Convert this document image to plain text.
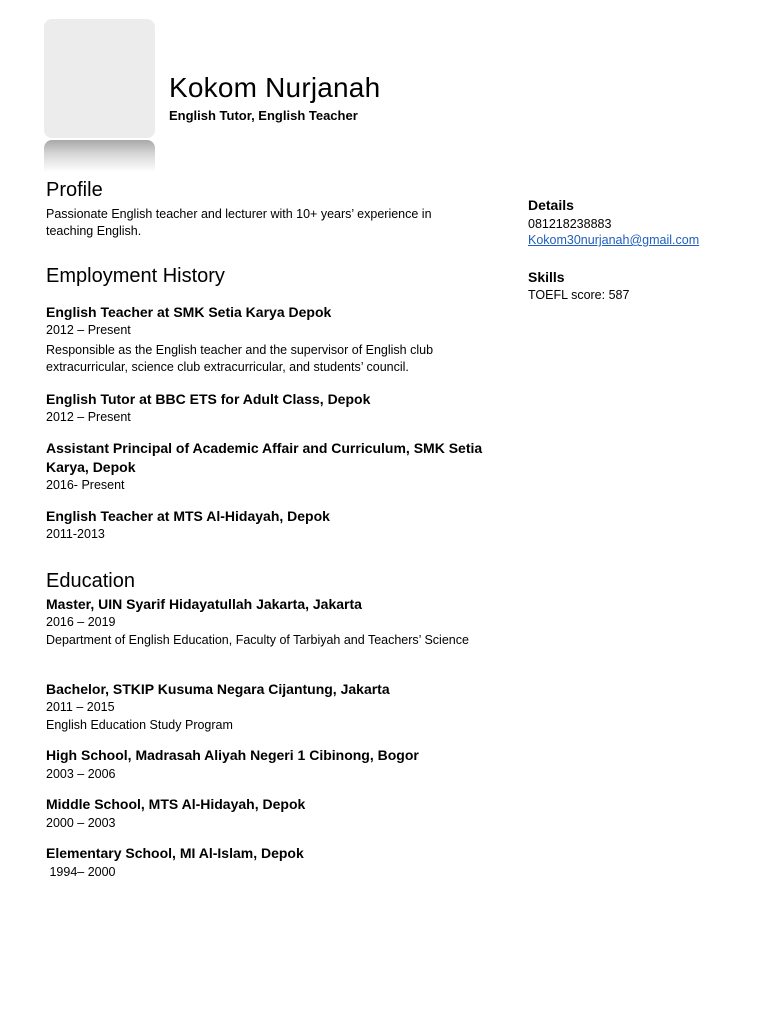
Kokom Nurjanah
English Tutor, English Teacher
Profile
Passionate English teacher and lecturer with 10+ years’ experience in teaching English.
Employment History
English Teacher at SMK Setia Karya Depok
2012 – Present
Responsible as the English teacher and the supervisor of English club extracurricular, science club extracurricular, and students’ council.
English Tutor at BBC ETS for Adult Class, Depok
2012 – Present
Assistant Principal of Academic Affair and Curriculum, SMK Setia Karya, Depok
2016- Present
English Teacher at MTS Al-Hidayah, Depok
2011-2013
Education
Master, UIN Syarif Hidayatullah Jakarta, Jakarta
2016 – 2019
Department of English Education, Faculty of Tarbiyah and Teachers’ Science
Bachelor, STKIP Kusuma Negara Cijantung, Jakarta
2011 – 2015
English Education Study Program
High School, Madrasah Aliyah Negeri 1 Cibinong, Bogor
2003 – 2006
Middle School, MTS Al-Hidayah, Depok
2000 – 2003
Elementary School, MI Al-Islam, Depok
1994– 2000
Details
081218238883
Kokom30nurjanah@gmail.com
Skills
TOEFL score: 587
